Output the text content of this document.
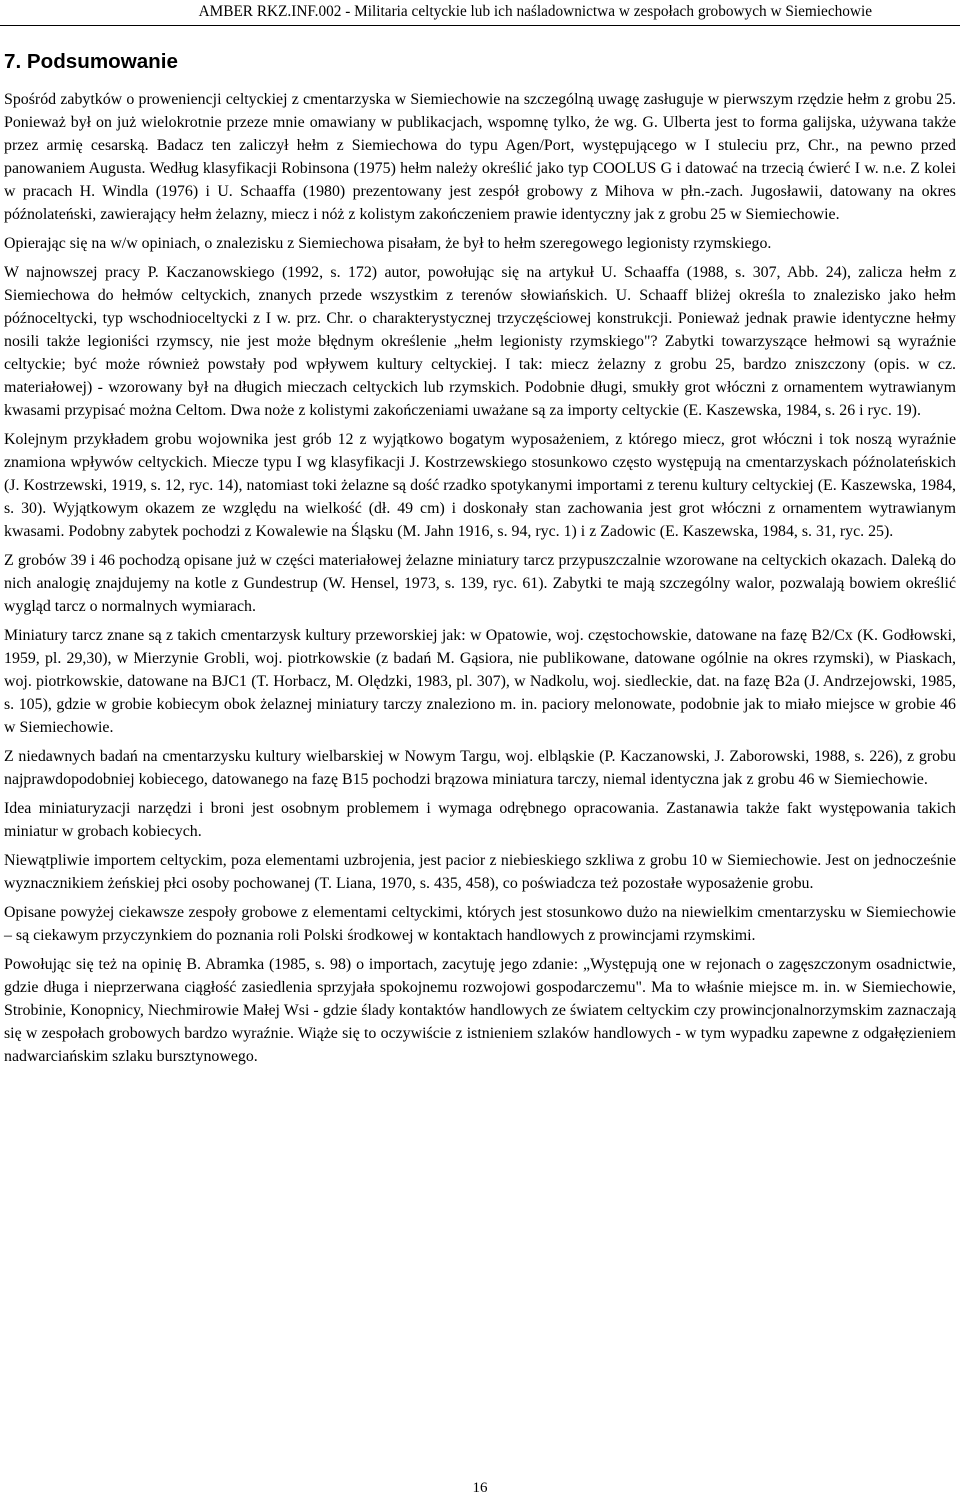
AMBER RKZ.INF.002 - Militaria celtyckie lub ich naśladownictwa w zespołach grobowych w Siemiechowie
7. Podsumowanie

Spośród zabytków o proweniencji celtyckiej z cmentarzyska w Siemiechowie na szczególną uwagę zasługuje w pierwszym rzędzie hełm z grobu 25. Ponieważ był on już wielokrotnie przeze mnie omawiany w publikacjach, wspomnę tylko, że wg. G. Ulberta jest to forma galijska, używana także przez armię cesarską. Badacz ten zaliczył hełm z Siemiechowa do typu Agen/Port, występującego w I stuleciu prz, Chr., na pewno przed panowaniem Augusta. Według klasyfikacji Robinsona (1975) hełm należy określić jako typ COOLUS G i datować na trzecią ćwierć I w. n.e. Z kolei w pracach H. Windla (1976) i U. Schaaffa (1980) prezentowany jest zespół grobowy z Mihova w płn.-zach. Jugosławii, datowany na okres późnolateński, zawierający hełm żelazny, miecz i nóż z kolistym zakończeniem prawie identyczny jak z grobu 25 w Siemiechowie.

Opierając się na w/w opiniach, o znalezisku z Siemiechowa pisałam, że był to hełm szeregowego legionisty rzymskiego.

W najnowszej pracy P. Kaczanowskiego (1992, s. 172) autor, powołując się na artykuł U. Schaaffa (1988, s. 307, Abb. 24), zalicza hełm z Siemiechowa do hełmów celtyckich, znanych przede wszystkim z terenów słowiańskich. U. Schaaff bliżej określa to znalezisko jako hełm późnoceltycki, typ wschodnioceltycki z I w. prz. Chr. o charakterystycznej trzyczęściowej konstrukcji. Ponieważ jednak prawie identyczne hełmy nosili także legioniści rzymscy, nie jest może błędnym określenie „hełm legionisty rzymskiego"? Zabytki towarzyszące hełmowi są wyraźnie celtyckie; być może również powstały pod wpływem kultury celtyckiej. I tak: miecz żelazny z grobu 25, bardzo zniszczony (opis. w cz. materiałowej) - wzorowany był na długich mieczach celtyckich lub rzymskich. Podobnie długi, smukły grot włóczni z ornamentem wytrawianym kwasami przypisać można Celtom. Dwa noże z kolistymi zakończeniami uważane są za importy celtyckie (E. Kaszewska, 1984, s. 26 i ryc. 19).

Kolejnym przykładem grobu wojownika jest grób 12 z wyjątkowo bogatym wyposażeniem, z którego miecz, grot włóczni i tok noszą wyraźnie znamiona wpływów celtyckich. Miecze typu I wg klasyfikacji J. Kostrzewskiego stosunkowo często występują na cmentarzyskach późnolateńskich (J. Kostrzewski, 1919, s. 12, ryc. 14), natomiast toki żelazne są dość rzadko spotykanymi importami z terenu kultury celtyckiej (E. Kaszewska, 1984, s. 30). Wyjątkowym okazem ze względu na wielkość (dł. 49 cm) i doskonały stan zachowania jest grot włóczni z ornamentem wytrawianym kwasami. Podobny zabytek pochodzi z Kowalewie na Śląsku (M. Jahn 1916, s. 94, ryc. 1) i z Zadowic (E. Kaszewska, 1984, s. 31, ryc. 25).

Z grobów 39 i 46 pochodzą opisane już w części materiałowej żelazne miniatury tarcz przypuszczalnie wzorowane na celtyckich okazach. Daleką do nich analogię znajdujemy na kotle z Gundestrup (W. Hensel, 1973, s. 139, ryc. 61). Zabytki te mają szczególny walor, pozwalają bowiem określić wygląd tarcz o normalnych wymiarach.

Miniatury tarcz znane są z takich cmentarzysk kultury przeworskiej jak: w Opatowie, woj. częstochowskie, datowane na fazę B2/Cx (K. Godłowski, 1959, pl. 29,30), w Mierzynie Grobli, woj. piotrkowskie (z badań M. Gąsiora, nie publikowane, datowane ogólnie na okres rzymski), w Piaskach, woj. piotrkowskie, datowane na BJC1 (T. Horbacz, M. Olędzki, 1983, pl. 307), w Nadkolu, woj. siedleckie, dat. na fazę B2a (J. Andrzejowski, 1985, s. 105), gdzie w grobie kobiecym obok żelaznej miniatury tarczy znaleziono m. in. paciory melonowate, podobnie jak to miało miejsce w grobie 46 w Siemiechowie.

Z niedawnych badań na cmentarzysku kultury wielbarskiej w Nowym Targu, woj. elbląskie (P. Kaczanowski, J. Zaborowski, 1988, s. 226), z grobu najprawdopodobniej kobiecego, datowanego na fazę B15 pochodzi brązowa miniatura tarczy, niemal identyczna jak z grobu 46 w Siemiechowie.

Idea miniaturyzacji narzędzi i broni jest osobnym problemem i wymaga odrębnego opracowania. Zastanawia także fakt występowania takich miniatur w grobach kobiecych.

Niewątpliwie importem celtyckim, poza elementami uzbrojenia, jest pacior z niebieskiego szkliwa z grobu 10 w Siemiechowie. Jest on jednocześnie wyznacznikiem żeńskiej płci osoby pochowanej (T. Liana, 1970, s. 435, 458), co poświadcza też pozostałe wyposażenie grobu.

Opisane powyżej ciekawsze zespoły grobowe z elementami celtyckimi, których jest stosunkowo dużo na niewielkim cmentarzysku w Siemiechowie – są ciekawym przyczynkiem do poznania roli Polski środkowej w kontaktach handlowych z prowincjami rzymskimi.

Powołując się też na opinię B. Abramka (1985, s. 98) o importach, zacytuję jego zdanie: „Występują one w rejonach o zagęszczonym osadnictwie, gdzie długa i nieprzerwana ciągłość zasiedlenia sprzyjała spokojnemu rozwojowi gospodarczemu". Ma to właśnie miejsce m. in. w Siemiechowie, Strobinie, Konopnicy, Niechmirowie Małej Wsi - gdzie ślady kontaktów handlowych ze światem celtyckim czy prowincjonalnorzymskim zaznaczają się w zespołach grobowych bardzo wyraźnie. Wiąże się to oczywiście z istnieniem szlaków handlowych - w tym wypadku zapewne z odgałęzieniem nadwarciańskim szlaku bursztynowego.

16
